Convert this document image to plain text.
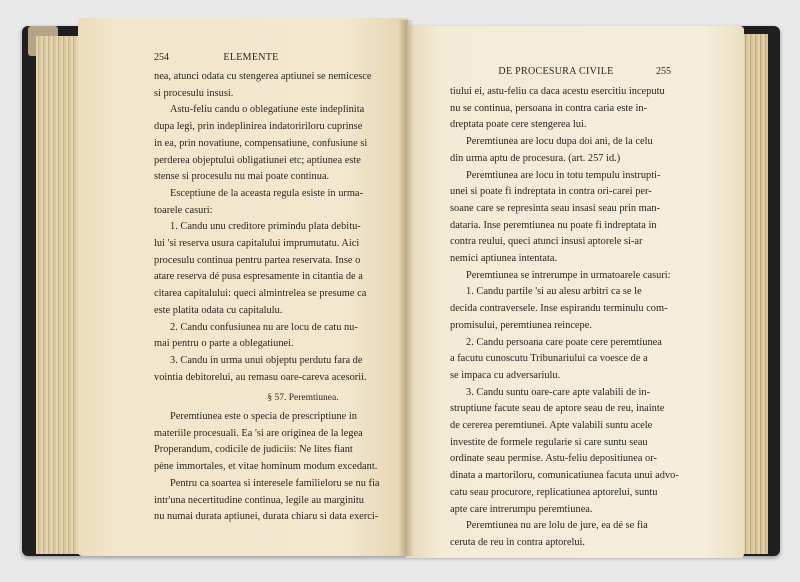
254	ELEMENTE
nea, atunci odata cu stengerea aptiunei se nemicesce
si procesulu insusi.
Astu-feliu candu o oblegatiune este indeplinita
dupa legi, prin indeplinirea indatoririloru cuprinse
in ea, prin novatiune, compensatiune, confusiune si
perderea objeptului obligatiunei etc; aptiunea este
stense si procesulu nu mai poate continua.
Esceptiune de la aceasta regula esiste in urma-
toarele casuri:
1. Candu unu creditore primindu plata debitu-
lui 'si reserva usura capitalului imprumutatu. Aici
procesulu continua pentru partea reservata. Inse o
atare reserva dé pusa espresamente in citantia de a
citarea capitalului: queci almintrelea se presume ca
este platita odata cu capitalulu.
2. Candu confusiunea nu are locu de catu nu-
mai pentru o parte a oblegatiunei.
3. Candu in urma unui objeptu perdutu fara de
vointia debitorelui, au remasu oare-careva acesorii.
§ 57. Peremtiunea.
Peremtiunea este o specia de prescriptiune in
materiile procesuali. Ea 'si are originea de la legea
Properandum, codicile de judiciis: Ne lites fiant
pène immortales, et vitae hominum modum excedant.
Pentru ca soartea si interesele familieloru se nu fia
intr'una necertitudine continua, legile au marginitu
nu numai durata aptiunei, durata chiaru si data exerci-
DE PROCESURA CIVILE	255
tiului ei, astu-feliu ca daca acestu esercitiu inceputu
nu se continua, persoana in contra caria este in-
dreptata poate cere stengerea lui.
Peremtiunea are locu dupa doi ani, de la celu
din urma aptu de procesura. (art. 257 id.)
Peremtiunea are locu in totu tempulu instrupti-
unei si poate fi indreptata in contra ori-carei per-
soane care se represinta seau insasi seau prin man-
dataria. Inse peremtiunea nu poate fi indreptata in
contra reului, queci atunci insusi aptorele si-ar
nemici aptiunea intentata.
Peremtiunea se intrerumpe in urmatoarele casuri:
1. Candu partile 'si au alesu arbitri ca se le
decida contraversele. Inse espirandu terminulu com-
promisului, peremtiunea reincepe.
2. Candu persoana care poate cere peremtiunea
a facutu cunoscutu Tribunariului ca voesce de a
se impaca cu adversariulu.
3. Candu suntu oare-care apte valabili de in-
struptiune facute seau de aptore seau de reu, inainte
de cererea peremtiunei. Apte valabili suntu acele
investite de formele regularie si care suntu seau
ordinate seau permise. Astu-feliu depositiunea or-
dinata a martoriloru, comunicatiunea facuta unui advo-
catu seau procurore, replicatiunea aptorelui, suntu
apte care intrerumpu peremtiunea.
Peremtiunea nu are lolu de jure, ea dé se fia
ceruta de reu in contra aptorelui.
